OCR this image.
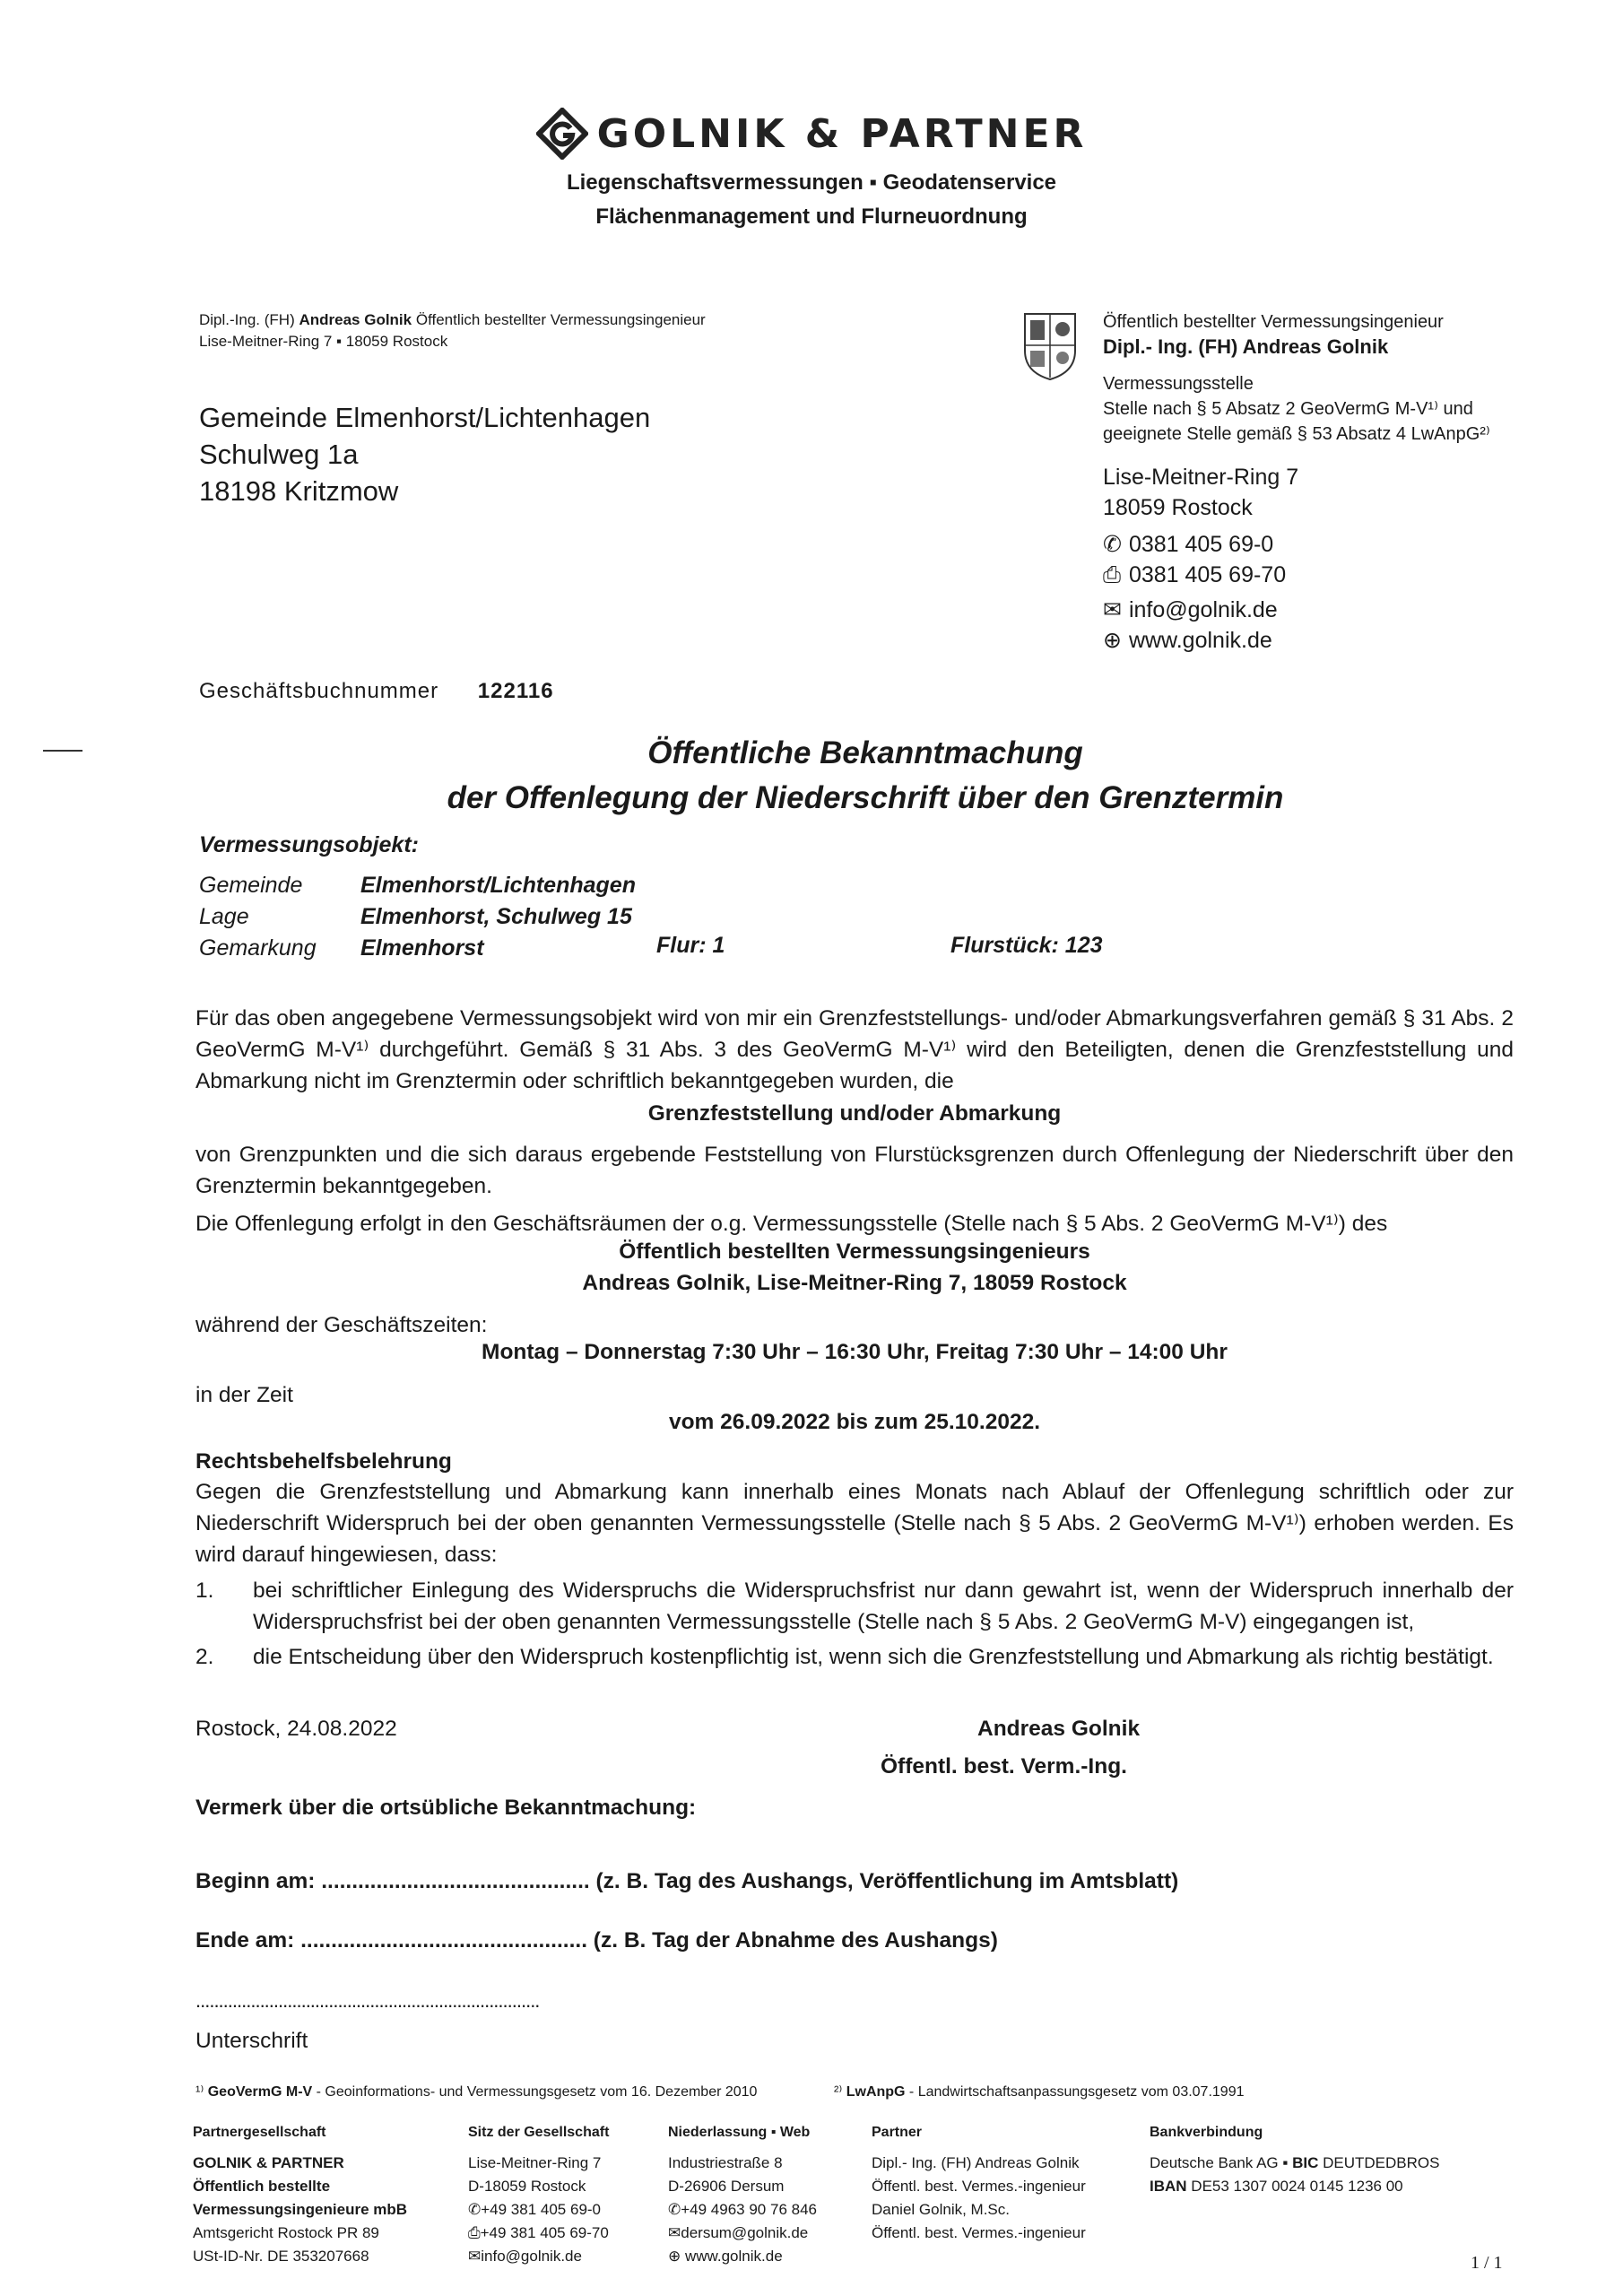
GOLNIK & PARTNER
Liegenschaftsvermessungen ▪ Geodatenservice
Flächenmanagement und Flurneuordnung
Dipl.-Ing. (FH) Andreas Golnik Öffentlich bestellter Vermessungsingenieur
Lise-Meitner-Ring 7 ▪ 18059 Rostock
Gemeinde Elmenhorst/Lichtenhagen
Schulweg 1a
18198 Kritzmow
Öffentlich bestellter Vermessungsingenieur
Dipl.- Ing. (FH) Andreas Golnik
Vermessungsstelle
Stelle nach § 5 Absatz 2 GeoVermG M-V¹⁾ und
geeignete Stelle gemäß § 53 Absatz 4 LwAnpG²⁾
Lise-Meitner-Ring 7
18059 Rostock
✆ 0381 405 69-0
⎙ 0381 405 69-70
✉ info@golnik.de
⊕ www.golnik.de
Geschäftsbuchnummer 122116
Öffentliche Bekanntmachung
der Offenlegung der Niederschrift über den Grenztermin
Vermessungsobjekt:
Gemeinde	Elmenhorst/Lichtenhagen
Lage	Elmenhorst, Schulweg 15
Gemarkung Elmenhorst	Flur: 1	Flurstück: 123
Für das oben angegebene Vermessungsobjekt wird von mir ein Grenzfeststellungs- und/oder Abmarkungsverfahren gemäß § 31 Abs. 2 GeoVermG M-V¹⁾ durchgeführt. Gemäß § 31 Abs. 3 des GeoVermG M-V¹⁾ wird den Beteiligten, denen die Grenzfeststellung und Abmarkung nicht im Grenztermin oder schriftlich bekanntgegeben wurden, die
Grenzfeststellung und/oder Abmarkung
von Grenzpunkten und die sich daraus ergebende Feststellung von Flurstücksgrenzen durch Offenlegung der Niederschrift über den Grenztermin bekanntgegeben.
Die Offenlegung erfolgt in den Geschäftsräumen der o.g. Vermessungsstelle (Stelle nach § 5 Abs. 2 GeoVermG M-V¹⁾) des
Öffentlich bestellten Vermessungsingenieurs
Andreas Golnik, Lise-Meitner-Ring 7, 18059 Rostock
während der Geschäftszeiten:
Montag – Donnerstag 7:30 Uhr – 16:30 Uhr, Freitag 7:30 Uhr – 14:00 Uhr
in der Zeit
vom 26.09.2022 bis zum 25.10.2022.
Rechtsbehelfsbelehrung
Gegen die Grenzfeststellung und Abmarkung kann innerhalb eines Monats nach Ablauf der Offenlegung schriftlich oder zur Niederschrift Widerspruch bei der oben genannten Vermessungsstelle (Stelle nach § 5 Abs. 2 GeoVermG M-V¹⁾) erhoben werden. Es wird darauf hingewiesen, dass:
1. bei schriftlicher Einlegung des Widerspruchs die Widerspruchsfrist nur dann gewahrt ist, wenn der Widerspruch innerhalb der Widerspruchsfrist bei der oben genannten Vermessungsstelle (Stelle nach § 5 Abs. 2 GeoVermG M-V) eingegangen ist,
2. die Entscheidung über den Widerspruch kostenpflichtig ist, wenn sich die Grenzfeststellung und Abmarkung als richtig bestätigt.
Rostock, 24.08.2022	Andreas Golnik
Öffentl. best. Verm.-Ing.
Vermerk über die ortsübliche Bekanntmachung:
Beginn am: ............................................ (z. B. Tag des Aushangs, Veröffentlichung im Amtsblatt)
Ende am: ............................................... (z. B. Tag der Abnahme des Aushangs)
...........................................................................
Unterschrift
¹⁾ GeoVermG M-V - Geoinformations- und Vermessungsgesetz vom 16. Dezember 2010	²⁾ LwAnpG - Landwirtschaftsanpassungsgesetz vom 03.07.1991
Partnergesellschaft
GOLNIK & PARTNER
Öffentlich bestellte
Vermessungsingenieure mbB
Amtsgericht Rostock PR 89
USt-ID-Nr. DE 353207668
Sitz der Gesellschaft
Lise-Meitner-Ring 7
D-18059 Rostock
✆+49 381 405 69-0
⎙+49 381 405 69-70
✉info@golnik.de
Niederlassung ▪ Web
Industriestraße 8
D-26906 Dersum
✆+49 4963 90 76 846
✉dersum@golnik.de
⊕ www.golnik.de
Partner
Dipl.- Ing. (FH) Andreas Golnik
Öffentl. best. Vermes.-ingenieur
Daniel Golnik, M.Sc.
Öffentl. best. Vermes.-ingenieur
Bankverbindung
Deutsche Bank AG ▪ BIC DEUTDEDBROS
IBAN DE53 1307 0024 0145 1236 00
1 / 1
